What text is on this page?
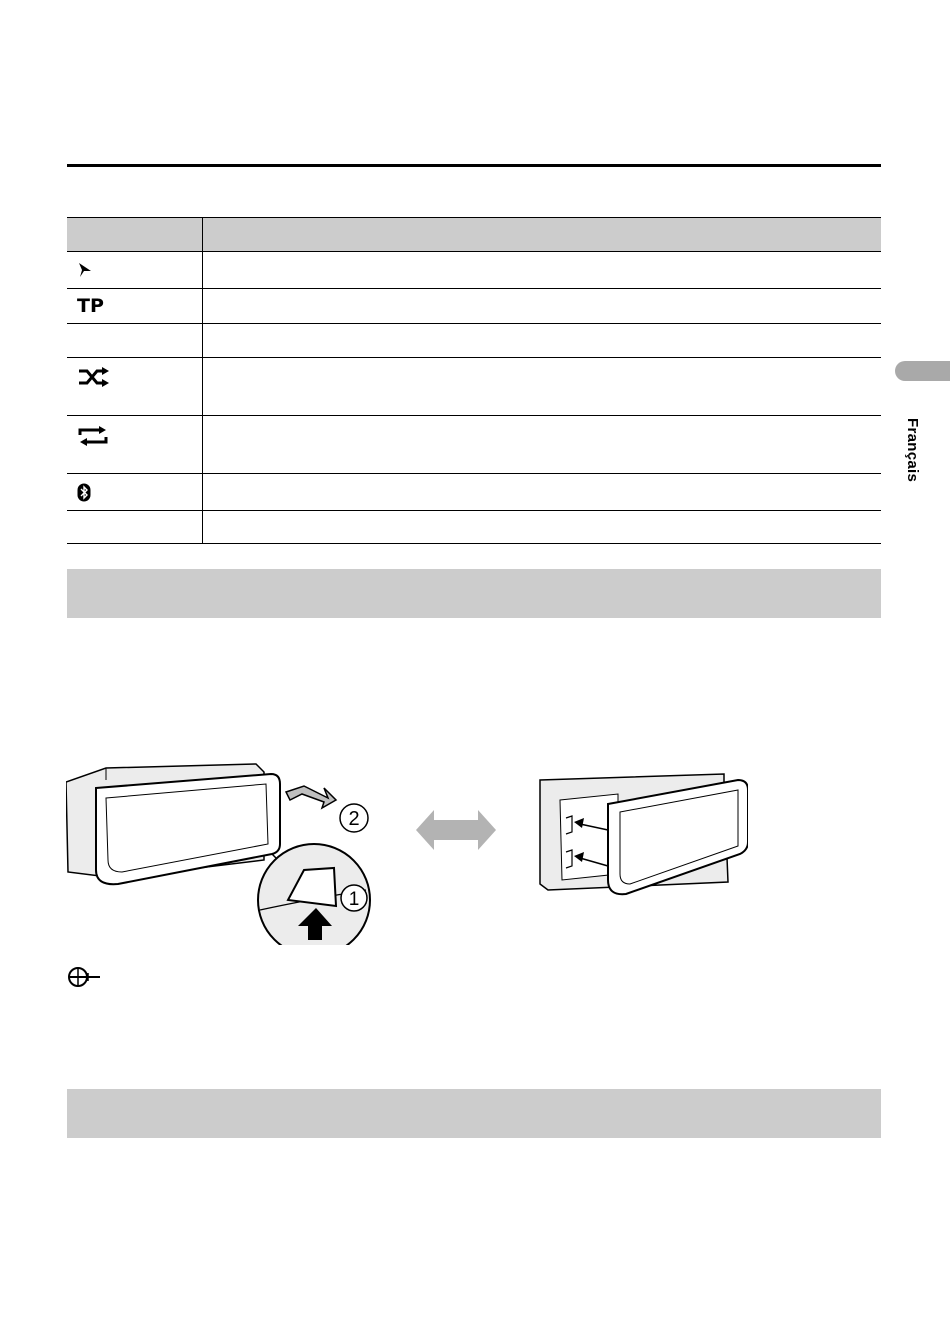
TP	

Français
2
1
